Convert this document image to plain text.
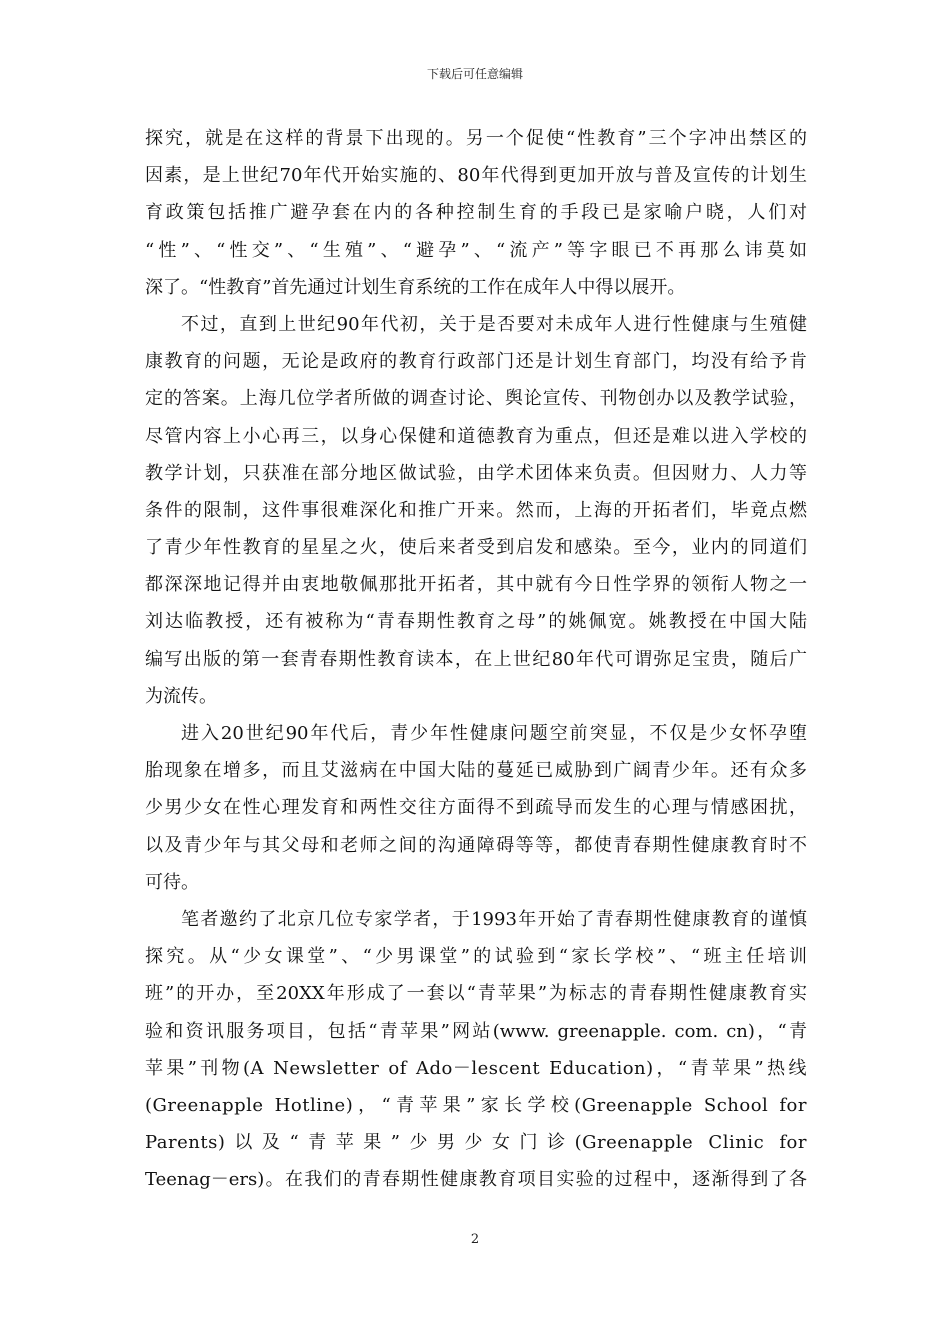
下载后可任意编辑
探究，就是在这样的背景下出现的。另一个促使“性教育”三个字冲出禁区的
因素，是上世纪70年代开始实施的、80年代得到更加开放与普及宣传的计划生
育政策包括推广避孕套在内的各种控制生育的手段已是家喻户晓，人们对
“性”、“性交”、“生殖”、“避孕”、“流产”等字眼已不再那么讳莫如
深了。“性教育”首先通过计划生育系统的工作在成年人中得以展开。
不过，直到上世纪90年代初，关于是否要对未成年人进行性健康与生殖健
康教育的问题，无论是政府的教育行政部门还是计划生育部门，均没有给予肯
定的答案。上海几位学者所做的调查讨论、舆论宣传、刊物创办以及教学试验，
尽管内容上小心再三，以身心保健和道德教育为重点，但还是难以进入学校的
教学计划，只获准在部分地区做试验，由学术团体来负责。但因财力、人力等
条件的限制，这件事很难深化和推广开来。然而，上海的开拓者们，毕竟点燃
了青少年性教育的星星之火，使后来者受到启发和感染。至今，业内的同道们
都深深地记得并由衷地敬佩那批开拓者，其中就有今日性学界的领衔人物之一
刘达临教授，还有被称为“青春期性教育之母”的姚佩宽。姚教授在中国大陆
编写出版的第一套青春期性教育读本，在上世纪80年代可谓弥足宝贵，随后广
为流传。
进入20世纪90年代后，青少年性健康问题空前突显，不仅是少女怀孕堕
胎现象在增多，而且艾滋病在中国大陆的蔓延已威胁到广阔青少年。还有众多
少男少女在性心理发育和两性交往方面得不到疏导而发生的心理与情感困扰，
以及青少年与其父母和老师之间的沟通障碍等等，都使青春期性健康教育时不
可待。
笔者邀约了北京几位专家学者，于1993年开始了青春期性健康教育的谨慎
探究。从“少女课堂”、“少男课堂”的试验到“家长学校”、“班主任培训
班”的开办，至20XX年形成了一套以“青苹果”为标志的青春期性健康教育实
验和资讯服务项目，包括“青苹果”网站(www. greenapple. com. cn)，“青
苹果”刊物(A Newsletter of Ado－lescent Education)，“青苹果”热线
(Greenapple Hotline)，“青苹果”家长学校(Greenapple School for
Parents)以及“青苹果”少男少女门诊(Greenapple Clinic for
Teenag－ers)。在我们的青春期性健康教育项目实验的过程中，逐渐得到了各
2
